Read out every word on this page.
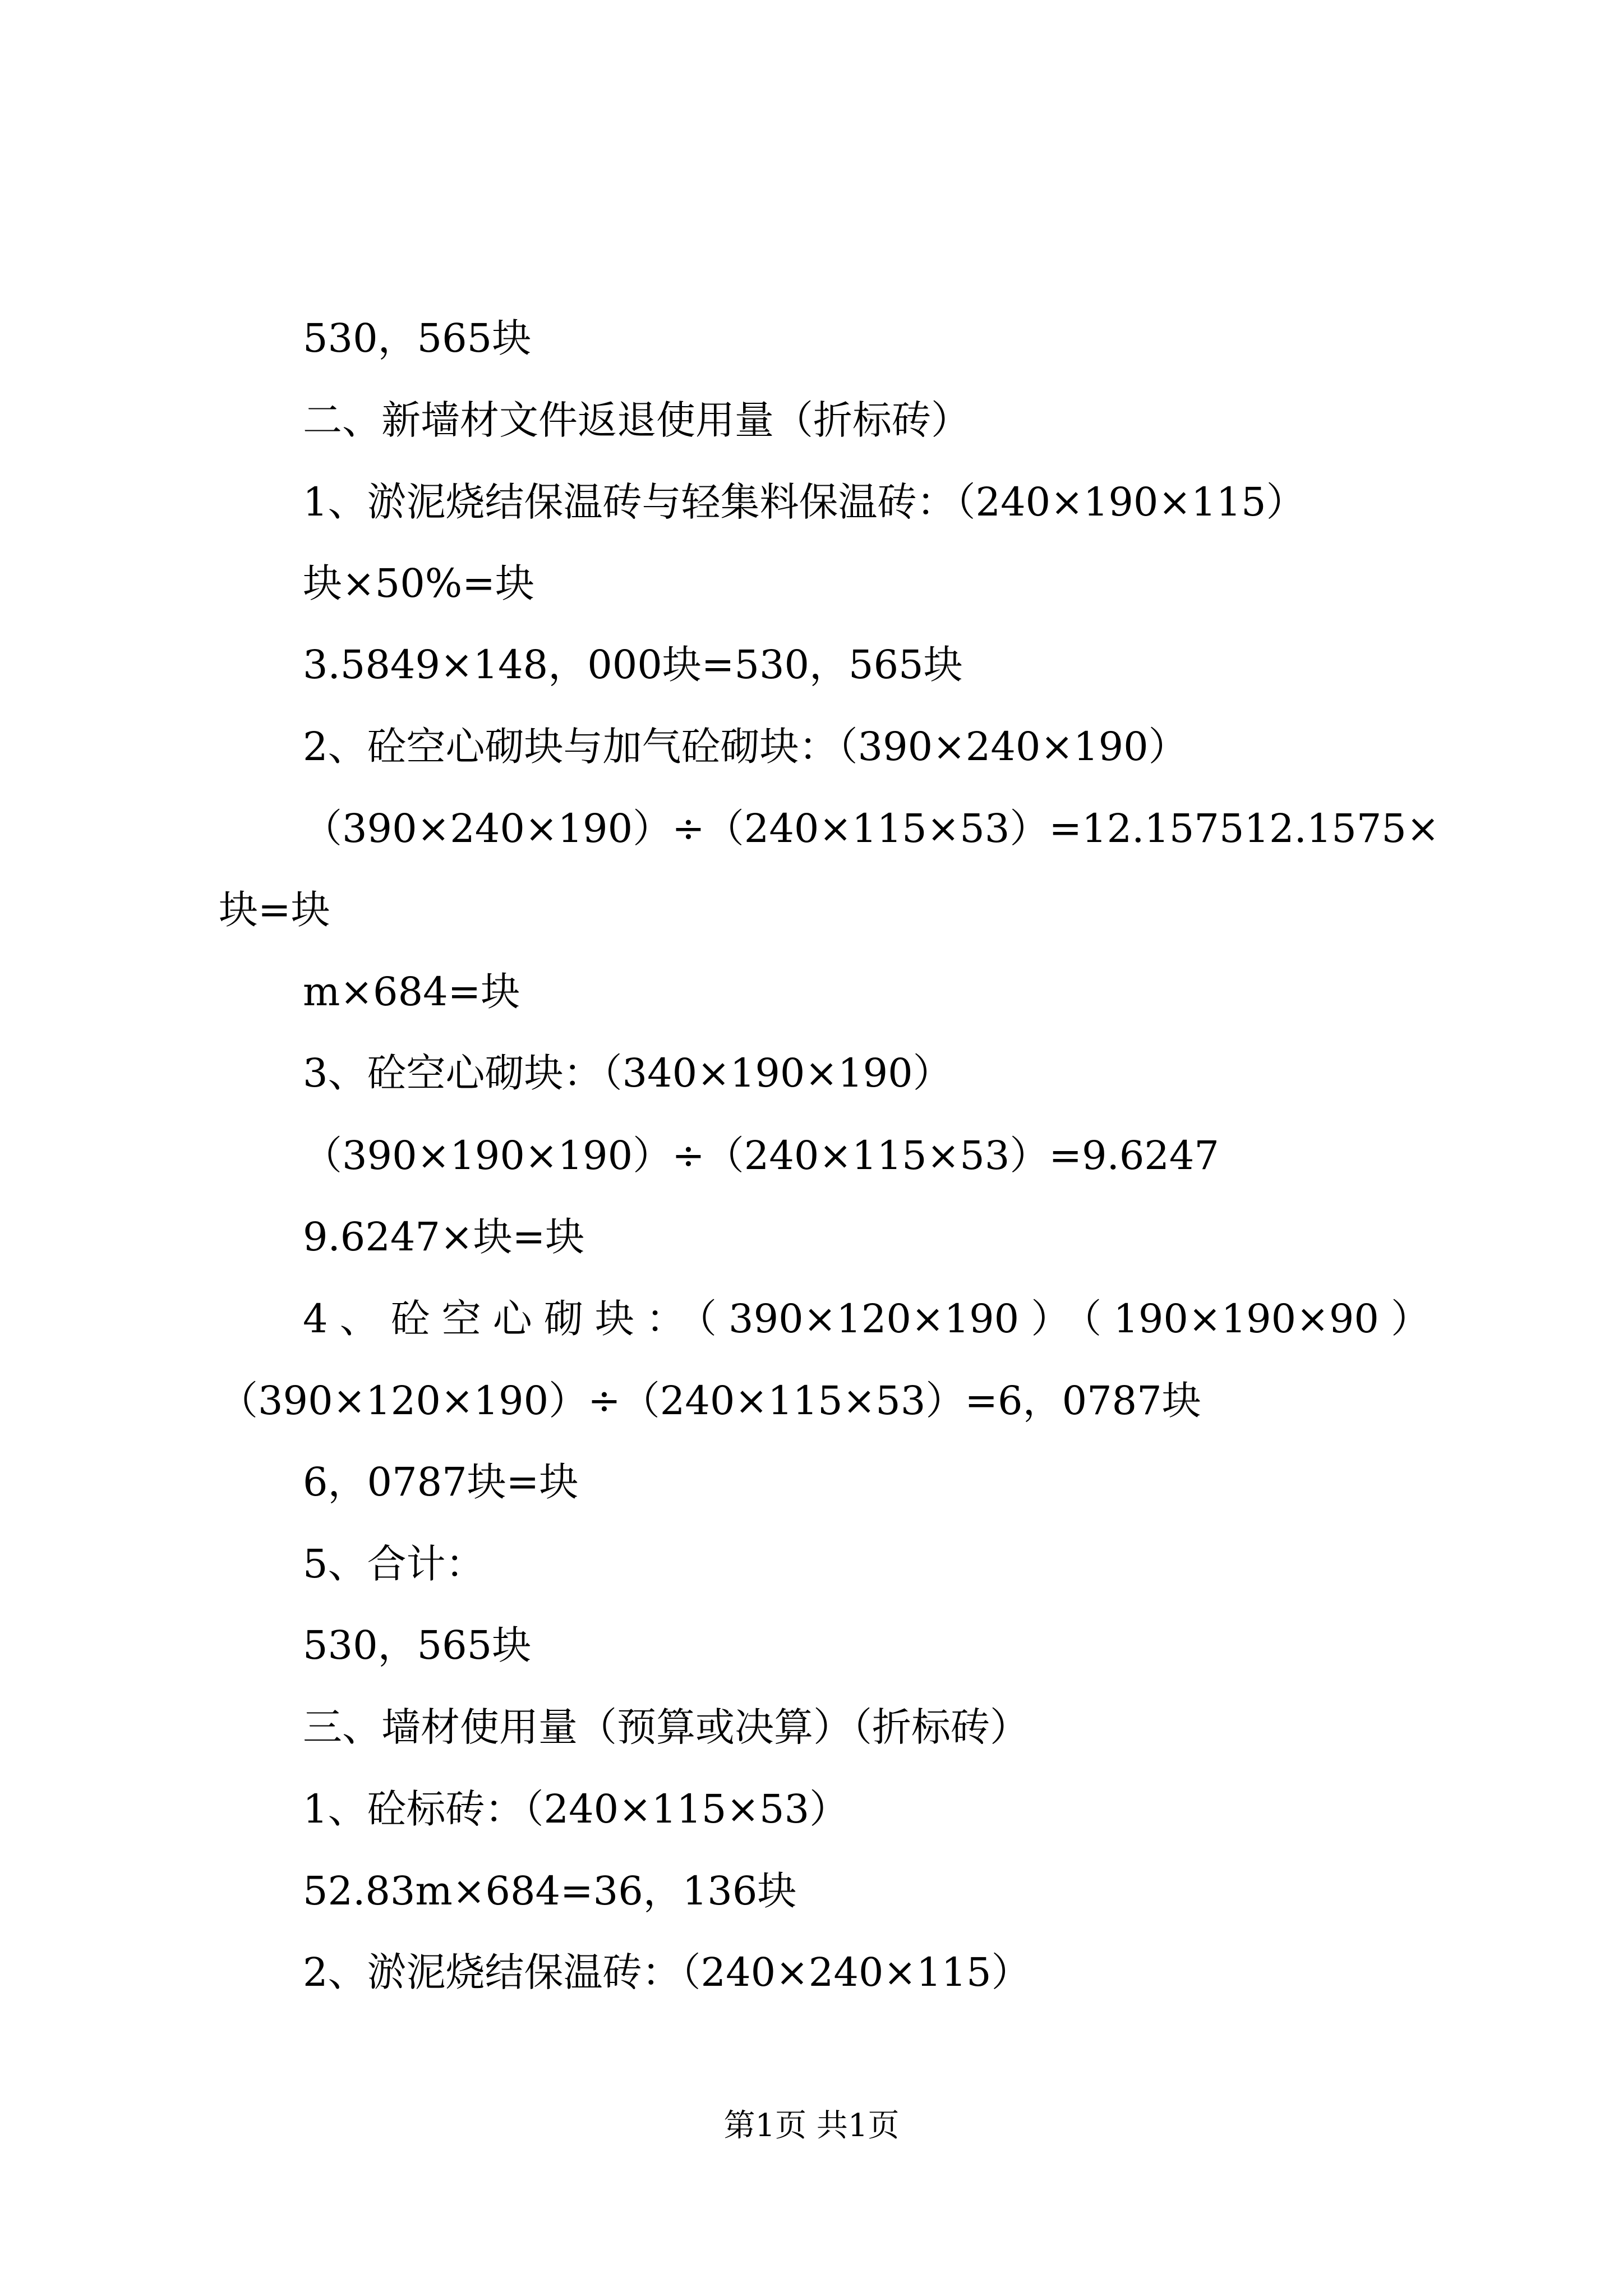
530，565块
二、新墙材文件返退使用量（折标砖）
1、淤泥烧结保温砖与轻集料保温砖：（240×190×115）
块×50%=块
3.5849×148，000块=530，565块
2、砼空心砌块与加气砼砌块：（390×240×190）
（390×240×190）÷（240×115×53）=12.157512.1575×
块=块
m×684=块
3、砼空心砌块：（340×190×190）
（390×190×190）÷（240×115×53）=9.6247
9.6247×块=块
4、砼空心砌块：（390×120×190）（190×190×90）
（390×120×190）÷（240×115×53）=6，0787块
6，0787块=块
5、合计：
530，565块
三、墙材使用量（预算或决算）（折标砖）
1、砼标砖：（240×115×53）
52.83m×684=36，136块
2、淤泥烧结保温砖：（240×240×115）
第1页 共1页
